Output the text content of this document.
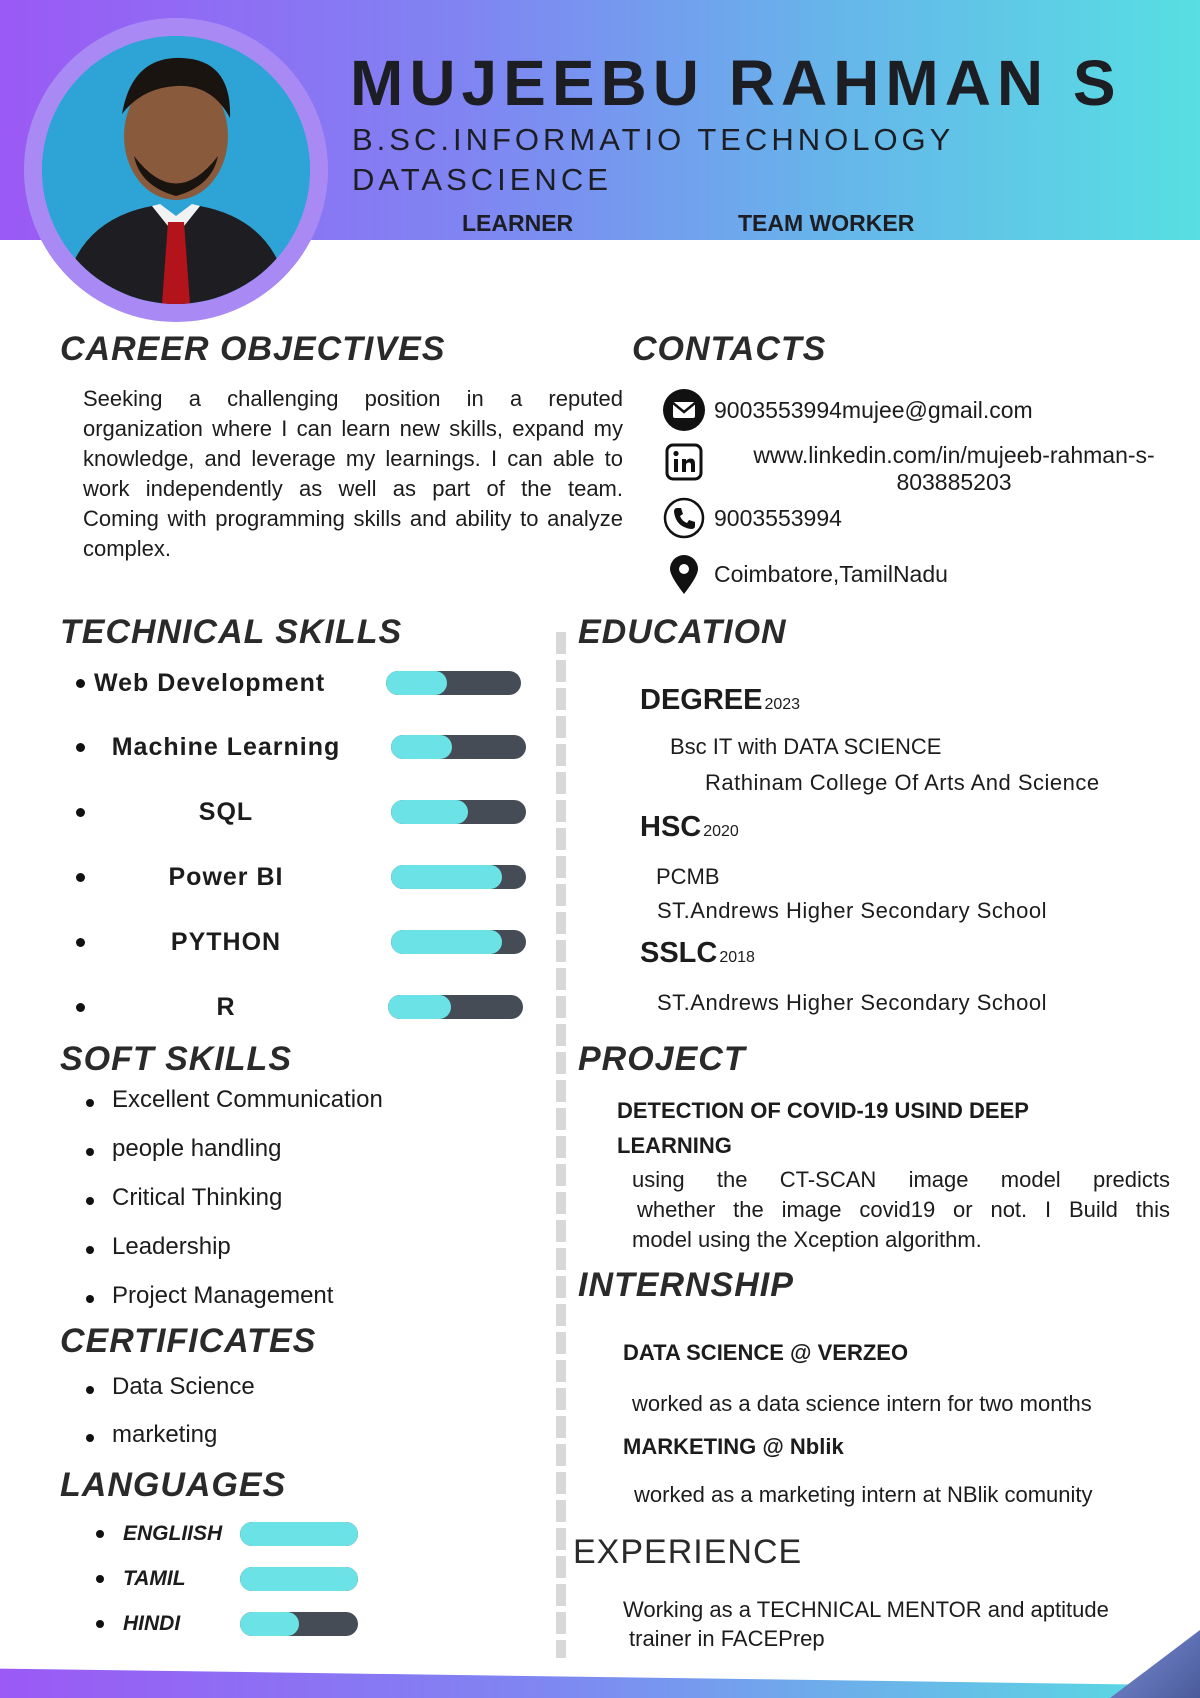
MUJEEBU RAHMAN S
B.SC.INFORMATIO TECHNOLOGY
DATASCIENCE
LEARNER	TEAM WORKER
CAREER OBJECTIVES
Seeking a challenging position in a reputed organization where I can learn new skills, expand my knowledge, and leverage my learnings. I can able to work independently as well as part of the team. Coming with programming skills and ability to analyze complex.
CONTACTS
9003553994mujee@gmail.com
www.linkedin.com/in/mujeeb-rahman-s-
803885203
9003553994
Coimbatore,TamilNadu
TECHNICAL SKILLS
Web Development
Machine Learning
SQL
Power BI
PYTHON
R
SOFT SKILLS
Excellent Communication
people handling
Critical Thinking
Leadership
Project Management
CERTIFICATES
Data Science
marketing
LANGUAGES
ENGLIISH
TAMIL
HINDI
EDUCATION
DEGREE 2023
Bsc IT with DATA SCIENCE
Rathinam College Of Arts And Science
HSC 2020
PCMB
ST.Andrews Higher Secondary School
SSLC 2018
ST.Andrews Higher Secondary School
PROJECT
DETECTION OF COVID-19 USIND DEEP
LEARNING
using the CT-SCAN image model predicts
whether the image covid19 or not. I Build this
model using the Xception algorithm.
INTERNSHIP
DATA SCIENCE @ VERZEO
worked as a data science intern for two months
MARKETING @ Nblik
worked as a marketing intern at NBlik comunity
EXPERIENCE
Working as a TECHNICAL MENTOR and aptitude
trainer in FACEPrep
